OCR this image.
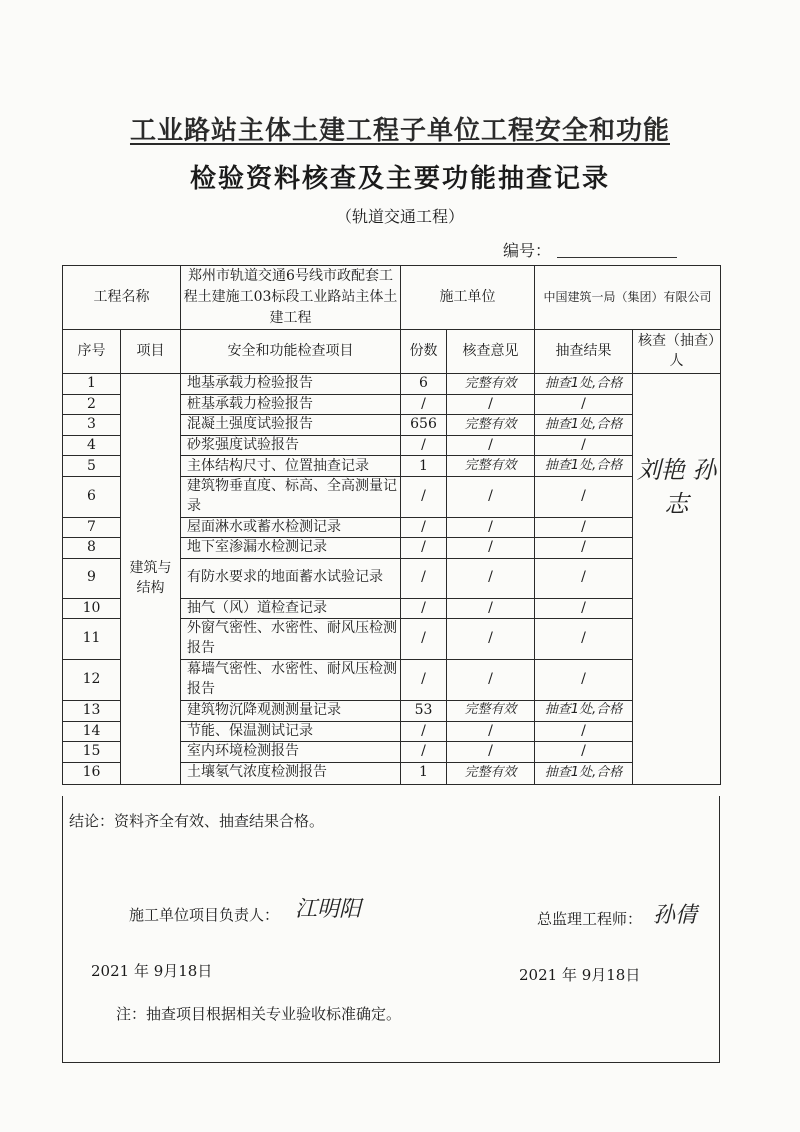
工业路站主体土建工程子单位工程安全和功能
检验资料核查及主要功能抽查记录
（轨道交通工程）
编号：
工程名称		郑州市轨道交通6号线市政配套工程土建施工03标段工业路站主体土建工程	施工单位		中国建筑一局（集团）有限公司	
序号	项目	安全和功能检查项目	份数	核查意见	抽查结果	核查（抽查）人
1	建筑与结构	地基承载力检验报告	6	完整有效	抽查1处,合格	刘艳 孙志
2		桩基承载力检验报告	/	/	/	
3		混凝土强度试验报告	656	完整有效	抽查1处,合格	
4		砂浆强度试验报告	/	/	/	
5		主体结构尺寸、位置抽查记录	1	完整有效	抽查1处,合格	
6		建筑物垂直度、标高、全高测量记录	/	/	/	
7		屋面淋水或蓄水检测记录	/	/	/	
8		地下室渗漏水检测记录	/	/	/	
9		有防水要求的地面蓄水试验记录	/	/	/	
10		抽气（风）道检查记录	/	/	/	
11		外窗气密性、水密性、耐风压检测报告	/	/	/	
12		幕墙气密性、水密性、耐风压检测报告	/	/	/	
13		建筑物沉降观测测量记录	53	完整有效	抽查1处,合格	
14		节能、保温测试记录	/	/	/	
15		室内环境检测报告	/	/	/	
16		土壤氡气浓度检测报告	1	完整有效	抽查1处,合格	
结论：资料齐全有效、抽查结果合格。
施工单位项目负责人： 江明阳	总监理工程师： 孙倩
2021 年 9月18日	2021 年 9月18日
注：抽查项目根据相关专业验收标准确定。
